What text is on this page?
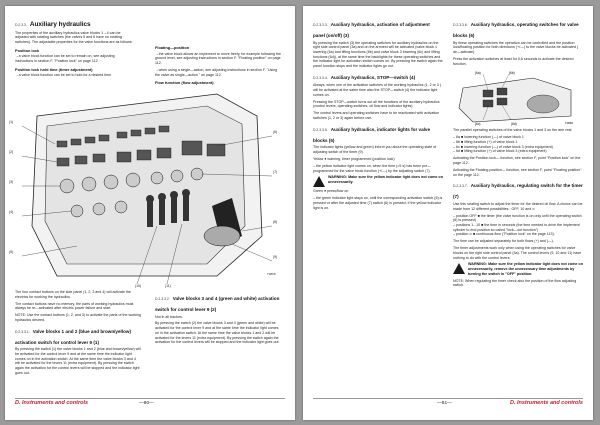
D.2.3.3. Auxiliary hydraulics

The properties of the auxiliary hydraulics valve blocks 1→4 can be adjusted with rotating switches (the valves 5 and 6 have no rotating switches). The adjustable properties for the valve functions are as follows:

Position lock

→a valve block function can be set to remain on, see adjusting instructions in section F. "Position lock" on page 112.

Position lock hold time (timer adjustment)

→a valve block function can be set to hold for a desired time

Floating—position

→the valve block allows an implement to move freely, for example following the ground level, see adjusting instructions in section F. "Floating position" on page 112.

→when using a single—action, see adjusting instructions in section F. "Using the valve as single—action " on page 112.

Flow function (flow adjustment)

T0868
(1)
(2)
(3)
(4)
(5)
(6)
(7)
(8)
(9)
(10)	(11)

The four contact buttons on the side panel (1, 2, 3 and 4) will activate the electrics for working the hydraulics.

The contact buttons have no memory, the parts of working hydraulics must always be re—activated after electric power failure and start.

NOTE: Use the contact buttons (1, 2, and 3) to activate the parts of the working hydraulics desired.

D.2.3.3.1. Valve blocks 1 and 2 (blue and brown/yellow) activation switch for control lever 9 (1)

By pressing the switch (1) the valve blocks 1 and 2 (blue and brown/yellow) will be activated for the control lever 9 and at the same time the indicator light comes on in the activation switch. At the same time the valve blocks 3 and 4 will be activated for the levers 11 (extra equipment). By pressing the switch again the activation for the control levers will be stopped and the indicator light goes out.

D.2.3.3.2. Valve blocks 3 and 4 (green and white) activation switch for control lever 9 (2)

Not in all tractors.

By pressing the switch (2) the valve blocks 3 and 4 (green and white) will be activated for the control lever 9 and at the same time the indicator light comes on in the activation switch. At the same time the valve blocks 1 and 2 will be activated for the levers 11 (extra equipment). By pressing the switch again the activation for the control levers will be stopped and the indicator light goes out.

D. Instruments and controls	—80—
D.2.3.3.3. Auxiliary hydraulics, activation of adjustment panel (on/off) (3)

By pressing the switch (3) the operating switches for auxiliary hydraulics on the right side control panel (3a) and on the armrest will be activated (valve block 1 lowering (6a) and lifting functions (6b) and valve block 3 lowering (6c) and lifting functions (6d)), at the same time the backlights for these operating switches and the indicator light for activation switch comes on. By pressing the switch again the panel function stops and the indicator lights go out.

D.2.3.3.4. Auxiliary hydraulics, STOP—switch (4)

Always, when one of the activation switches of the working hydraulics (1, 2 or 3 ) will be activated at the same time also the STOP—switch (4) the indicator light comes on.

Pressing the STOP—switch turns out all the functions of the auxiliary hydraulics (control levers, operating switches, oil flow and indicator lights).

The control levers and operating switches have to be reactivated with activation switches (1, 2 or 3) again before use.

D.2.3.3.5. Auxiliary hydraulics, indicator lights for valve blocks (5)

The indicator lights (yellow and green) inform you about the operating state of adjusting switch of the timer (9).

Yellow ● warning, timer programmed (position lock)

– the yellow indicator light comes on, when the time (>5 s) has been pre—programmed for the valve block function (+/—) by the adjusting switch (7).

WARNING: Make sure the yellow indicator light does not come on unnecessarily.

Green ● press/flow on

– the green indicator light stays on, until the corresponding activation switch (6) is pressed or after the adjusted time (7) switch (6) is pressed, if the yellow indicator light is on.

D.2.3.3.6. Auxiliary hydraulics, operating switches for valve blocks (6)

By these operating switches the operation can be controlled and the position lock/floating position for both directions (+/—) to the valve blocks be activated ( de—activate).

Press the activation switches at least for 0,6 seconds to activate the desired function.

(6a)	(6b)
(6c)	(6d)	T0866

The parallel operating switches of the valve blocks 1 and 3 on the arm rest:

– 6a ■ lowering function (—) of valve block 1

– 6b ■ lifting function (+) of valve block 1

– 6c ■ lowering function (—) of valve block 3 (extra equipment)

– 6d ■ lifting function (+) of valve block 3 (extra equipment)

Activating the Position lock— function, see section F, point "Position lock" on the page 112.

Activating the Floating position— function, see section F, point "Floating position" on the page 112.

D.2.3.3.7. Auxiliary hydraulics, regulating switch for the timer (7)

Use this rotating switch to adjust the timer for the desired oil flow. A choice can be made from 12 different possibilities : OFF, 10 and ∞

– position OFF ■ the timer (the valve function is on only until the operating switch (6) is pressed)

– positions 1...10 ■ the time in seconds (the time needed to drive the implement cylinder to end position so called "lock—out function")

– position ∞ ■ continuous flow ("Position lock" on the page 113).

The time can be adjusted separately for both flows (+) and (—).

The timer adjustments work only when using the operating switches for valve blocks on the right side control panel (3a). The control levers (9, 10 and 11) have nothing to do with the control levers.

WARNING: Make sure the yellow indicator light does not come on unnecessarily, remove the unnecessary time adjustments by turning the switch in "OFF" position.

NOTE: When regulating the timer check also the position of the flow adjusting switch.

—81—	D. Instruments and controls
